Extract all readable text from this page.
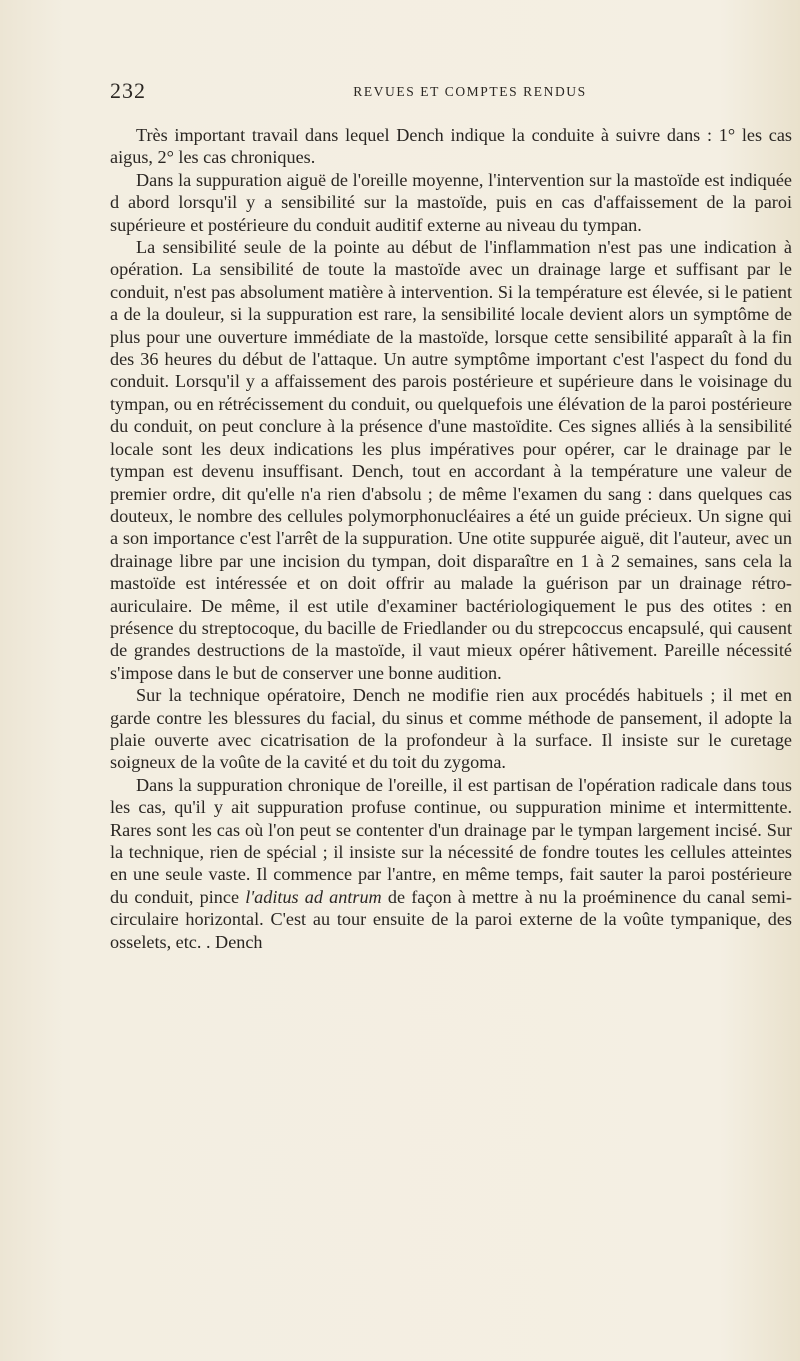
232	REVUES ET COMPTES RENDUS

Très important travail dans lequel Dench indique la conduite à suivre dans : 1° les cas aigus, 2° les cas chroniques.

Dans la suppuration aiguë de l'oreille moyenne, l'intervention sur la mastoïde est indiquée d abord lorsqu'il y a sensibilité sur la mastoïde, puis en cas d'affaissement de la paroi supérieure et postérieure du conduit auditif externe au niveau du tympan.

La sensibilité seule de la pointe au début de l'inflammation n'est pas une indication à opération. La sensibilité de toute la mastoïde avec un drainage large et suffisant par le conduit, n'est pas absolument matière à intervention. Si la température est élevée, si le patient a de la douleur, si la suppuration est rare, la sensibilité locale devient alors un symptôme de plus pour une ouverture immédiate de la mastoïde, lorsque cette sensibilité apparaît à la fin des 36 heures du début de l'attaque. Un autre symptôme important c'est l'aspect du fond du conduit. Lorsqu'il y a affaissement des parois postérieure et supérieure dans le voisinage du tympan, ou en rétrécissement du conduit, ou quelquefois une élévation de la paroi postérieure du conduit, on peut conclure à la présence d'une mastoïdite. Ces signes alliés à la sensibilité locale sont les deux indications les plus impératives pour opérer, car le drainage par le tympan est devenu insuffisant. Dench, tout en accordant à la température une valeur de premier ordre, dit qu'elle n'a rien d'absolu ; de même l'examen du sang : dans quelques cas douteux, le nombre des cellules polymorphonucléaires a été un guide précieux. Un signe qui a son importance c'est l'arrêt de la suppuration. Une otite suppurée aiguë, dit l'auteur, avec un drainage libre par une incision du tympan, doit disparaître en 1 à 2 semaines, sans cela la mastoïde est intéressée et on doit offrir au malade la guérison par un drainage rétro-auriculaire. De même, il est utile d'examiner bactériologiquement le pus des otites : en présence du streptocoque, du bacille de Friedlander ou du strepcoccus encapsulé, qui causent de grandes destructions de la mastoïde, il vaut mieux opérer hâtivement. Pareille nécessité s'impose dans le but de conserver une bonne audition.

Sur la technique opératoire, Dench ne modifie rien aux procédés habituels ; il met en garde contre les blessures du facial, du sinus et comme méthode de pansement, il adopte la plaie ouverte avec cicatrisation de la profondeur à la surface. Il insiste sur le curetage soigneux de la voûte de la cavité et du toit du zygoma.

Dans la suppuration chronique de l'oreille, il est partisan de l'opération radicale dans tous les cas, qu'il y ait suppuration profuse continue, ou suppuration minime et intermittente. Rares sont les cas où l'on peut se contenter d'un drainage par le tympan largement incisé. Sur la technique, rien de spécial ; il insiste sur la nécessité de fondre toutes les cellules atteintes en une seule vaste. Il commence par l'antre, en même temps, fait sauter la paroi postérieure du conduit, pince l'aditus ad antrum de façon à mettre à nu la proéminence du canal semi-circulaire horizontal. C'est au tour ensuite de la paroi externe de la voûte tympanique, des osselets, etc. . Dench
